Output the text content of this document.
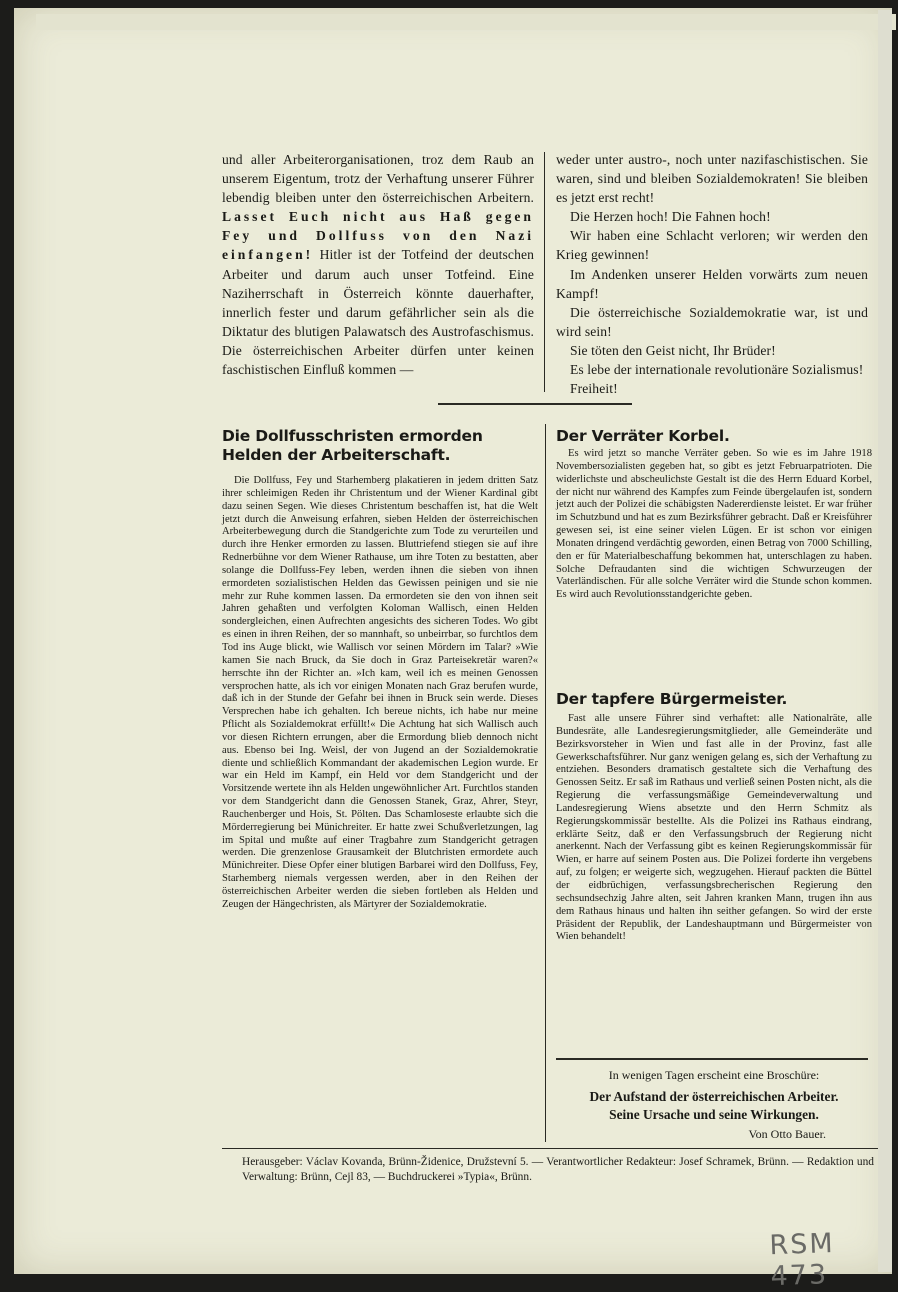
und aller Arbeiterorganisationen, troz dem Raub an unserem Eigentum, trotz der Verhaftung unserer Führer lebendig bleiben unter den österreichischen Arbeitern. Lasset Euch nicht aus Haß gegen Fey und Dollfuss von den Nazi einfangen! Hitler ist der Totfeind der deutschen Arbeiter und darum auch unser Totfeind. Eine Naziherrschaft in Österreich könnte dauerhafter, innerlich fester und darum gefährlicher sein als die Diktatur des blutigen Palawatsch des Austrofaschismus. Die österreichischen Arbeiter dürfen unter keinen faschistischen Einfluß kommen —

weder unter austro-, noch unter nazifaschistischen. Sie waren, sind und bleiben Sozialdemokraten! Sie bleiben es jetzt erst recht!

Die Herzen hoch! Die Fahnen hoch!

Wir haben eine Schlacht verloren; wir werden den Krieg gewinnen!

Im Andenken unserer Helden vorwärts zum neuen Kampf!

Die österreichische Sozialdemokratie war, ist und wird sein!

Sie töten den Geist nicht, Ihr Brüder!

Es lebe der internationale revolutionäre Sozialismus!

Freiheit!

Die Dollfusschristen ermorden Helden der Arbeiterschaft.

Die Dollfuss, Fey und Starhemberg plakatieren in jedem dritten Satz ihrer schleimigen Reden ihr Christentum und der Wiener Kardinal gibt dazu seinen Segen. Wie dieses Christentum beschaffen ist, hat die Welt jetzt durch die Anweisung erfahren, sieben Helden der österreichischen Arbeiterbewegung durch die Standgerichte zum Tode zu verurteilen und durch ihre Henker ermorden zu lassen. Bluttriefend stiegen sie auf ihre Rednerbühne vor dem Wiener Rathause, um ihre Toten zu bestatten, aber solange die Dollfuss-Fey leben, werden ihnen die sieben von ihnen ermordeten sozialistischen Helden das Gewissen peinigen und sie nie mehr zur Ruhe kommen lassen. Da ermordeten sie den von ihnen seit Jahren gehaßten und verfolgten Koloman Wallisch, einen Helden sondergleichen, einen Aufrechten angesichts des sicheren Todes. Wo gibt es einen in ihren Reihen, der so mannhaft, so unbeirrbar, so furchtlos dem Tod ins Auge blickt, wie Wallisch vor seinen Mördern im Talar? »Wie kamen Sie nach Bruck, da Sie doch in Graz Parteisekretär waren?« herrschte ihn der Richter an. »Ich kam, weil ich es meinen Genossen versprochen hatte, als ich vor einigen Monaten nach Graz berufen wurde, daß ich in der Stunde der Gefahr bei ihnen in Bruck sein werde. Dieses Versprechen habe ich gehalten. Ich bereue nichts, ich habe nur meine Pflicht als Sozialdemokrat erfüllt!« Die Achtung hat sich Wallisch auch vor diesen Richtern errungen, aber die Ermordung blieb dennoch nicht aus. Ebenso bei Ing. Weisl, der von Jugend an der Sozialdemokratie diente und schließlich Kommandant der akademischen Legion wurde. Er war ein Held im Kampf, ein Held vor dem Standgericht und der Vorsitzende wertete ihn als Helden ungewöhnlicher Art. Furchtlos standen vor dem Standgericht dann die Genossen Stanek, Graz, Ahrer, Steyr, Rauchenberger und Hois, St. Pölten. Das Schamloseste erlaubte sich die Mörderregierung bei Münichreiter. Er hatte zwei Schußverletzungen, lag im Spital und mußte auf einer Tragbahre zum Standgericht getragen werden. Die grenzenlose Grausamkeit der Blutchristen ermordete auch Münichreiter. Diese Opfer einer blutigen Barbarei wird den Dollfuss, Fey, Starhemberg niemals vergessen werden, aber in den Reihen der österreichischen Arbeiter werden die sieben fortleben als Helden und Zeugen der Hängechristen, als Märtyrer der Sozialdemokratie.

Der Verräter Korbel.

Es wird jetzt so manche Verräter geben. So wie es im Jahre 1918 Novembersozialisten gegeben hat, so gibt es jetzt Februarpatrioten. Die widerlichste und abscheulichste Gestalt ist die des Herrn Eduard Korbel, der nicht nur während des Kampfes zum Feinde übergelaufen ist, sondern jetzt auch der Polizei die schäbigsten Nadererdienste leistet. Er war früher im Schutzbund und hat es zum Bezirksführer gebracht. Daß er Kreisführer gewesen sei, ist eine seiner vielen Lügen. Er ist schon vor einigen Monaten dringend verdächtig geworden, einen Betrag von 7000 Schilling, den er für Materialbeschaffung bekommen hat, unterschlagen zu haben. Solche Defraudanten sind die wichtigen Schwurzeugen der Vaterländischen. Für alle solche Verräter wird die Stunde schon kommen. Es wird auch Revolutionsstandgerichte geben.

Der tapfere Bürgermeister.

Fast alle unsere Führer sind verhaftet: alle Nationalräte, alle Bundesräte, alle Landesregierungsmitglieder, alle Gemeinderäte und Bezirksvorsteher in Wien und fast alle in der Provinz, fast alle Gewerkschaftsführer. Nur ganz wenigen gelang es, sich der Verhaftung zu entziehen. Besonders dramatisch gestaltete sich die Verhaftung des Genossen Seitz. Er saß im Rathaus und verließ seinen Posten nicht, als die Regierung die verfassungsmäßige Gemeindeverwaltung und Landesregierung Wiens absetzte und den Herrn Schmitz als Regierungskommissär bestellte. Als die Polizei ins Rathaus eindrang, erklärte Seitz, daß er den Verfassungsbruch der Regierung nicht anerkennt. Nach der Verfassung gibt es keinen Regierungskommissär für Wien, er harre auf seinem Posten aus. Die Polizei forderte ihn vergebens auf, zu folgen; er weigerte sich, wegzugehen. Hierauf packten die Büttel der eidbrüchigen, verfassungsbrecherischen Regierung den sechsundsechzig Jahre alten, seit Jahren kranken Mann, trugen ihn aus dem Rathaus hinaus und halten ihn seither gefangen. So wird der erste Präsident der Republik, der Landeshauptmann und Bürgermeister von Wien behandelt!

In wenigen Tagen erscheint eine Broschüre:

Der Aufstand der österreichischen Arbeiter.

Seine Ursache und seine Wirkungen.

Von Otto Bauer.

Herausgeber: Václav Kovanda, Brünn-Židenice, Družstevní 5. — Verantwortlicher Redakteur: Josef Schramek, Brünn. — Redaktion und Verwaltung: Brünn, Cejl 83, — Buchdruckerei »Typia«, Brünn.

RSM 473
